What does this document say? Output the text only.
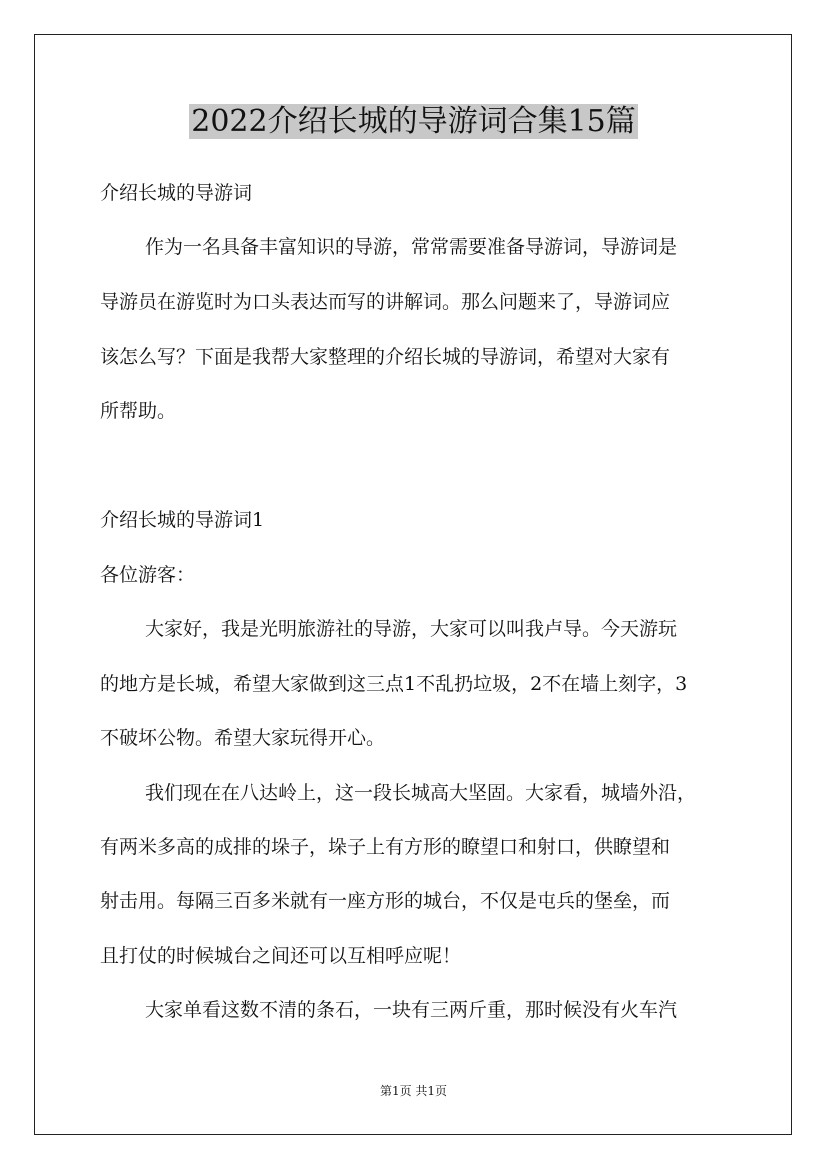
2022介绍长城的导游词合集15篇
介绍长城的导游词
作为一名具备丰富知识的导游，常常需要准备导游词，导游词是
导游员在游览时为口头表达而写的讲解词。那么问题来了，导游词应
该怎么写？下面是我帮大家整理的介绍长城的导游词，希望对大家有
所帮助。
介绍长城的导游词1
各位游客：
大家好，我是光明旅游社的导游，大家可以叫我卢导。今天游玩
的地方是长城，希望大家做到这三点1不乱扔垃圾，2不在墙上刻字，3
不破坏公物。希望大家玩得开心。
我们现在在八达岭上，这一段长城高大坚固。大家看，城墙外沿，
有两米多高的成排的垛子，垛子上有方形的瞭望口和射口，供瞭望和
射击用。每隔三百多米就有一座方形的城台，不仅是屯兵的堡垒，而
且打仗的时候城台之间还可以互相呼应呢！
大家单看这数不清的条石，一块有三两斤重，那时候没有火车汽
第1页 共1页
